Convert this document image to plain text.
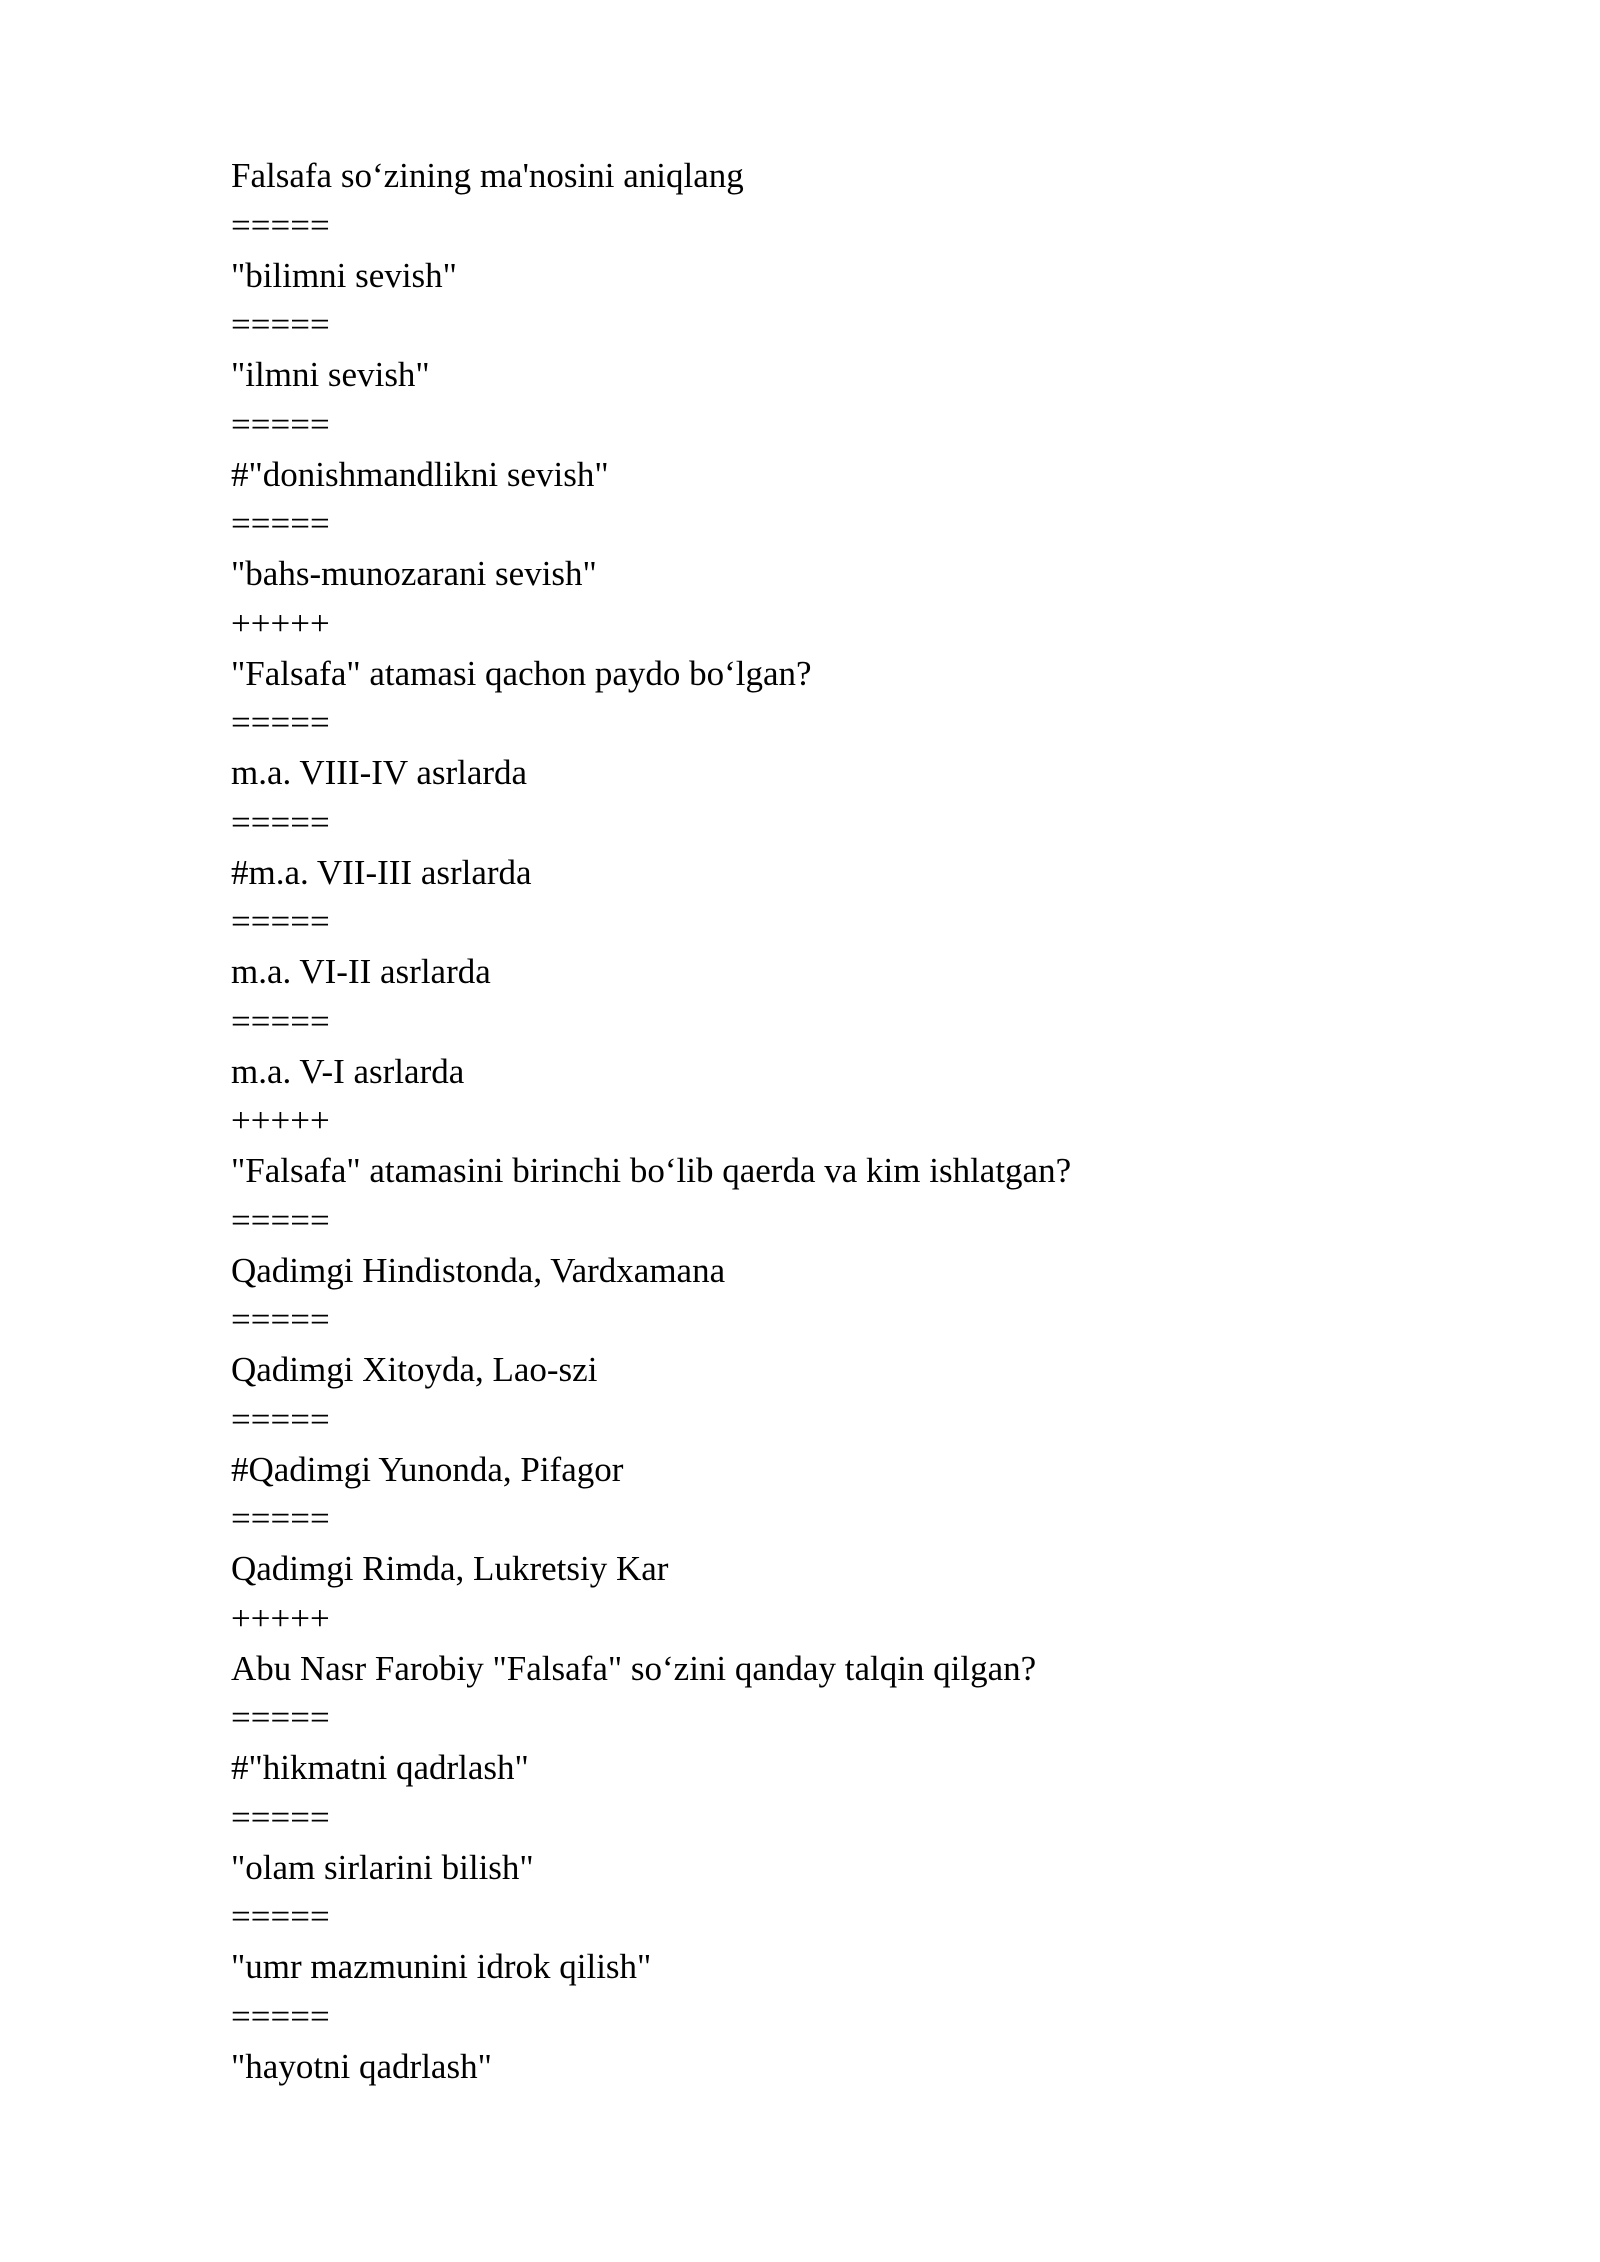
Falsafa so‘zining ma'nosini aniqlang
=====
"bilimni sevish"
=====
"ilmni sevish"
=====
#"donishmandlikni sevish"
=====
"bahs-munozarani sevish"
+++++
"Falsafa" atamasi qachon paydo bo‘lgan?
=====
m.a. VIII-IV asrlarda
=====
#m.a. VII-III asrlarda
=====
m.a. VI-II asrlarda
=====
m.a. V-I asrlarda
+++++
"Falsafa" atamasini birinchi bo‘lib qaerda va kim ishlatgan?
=====
Qadimgi Hindistonda, Vardxamana
=====
Qadimgi Xitoyda, Lao-szi
=====
#Qadimgi Yunonda, Pifagor
=====
Qadimgi Rimda, Lukretsiy Kar
+++++
Abu Nasr Farobiy "Falsafa" so‘zini qanday talqin qilgan?
=====
#"hikmatni qadrlash"
=====
"olam sirlarini bilish"
=====
"umr mazmunini idrok qilish"
=====
"hayotni qadrlash"
